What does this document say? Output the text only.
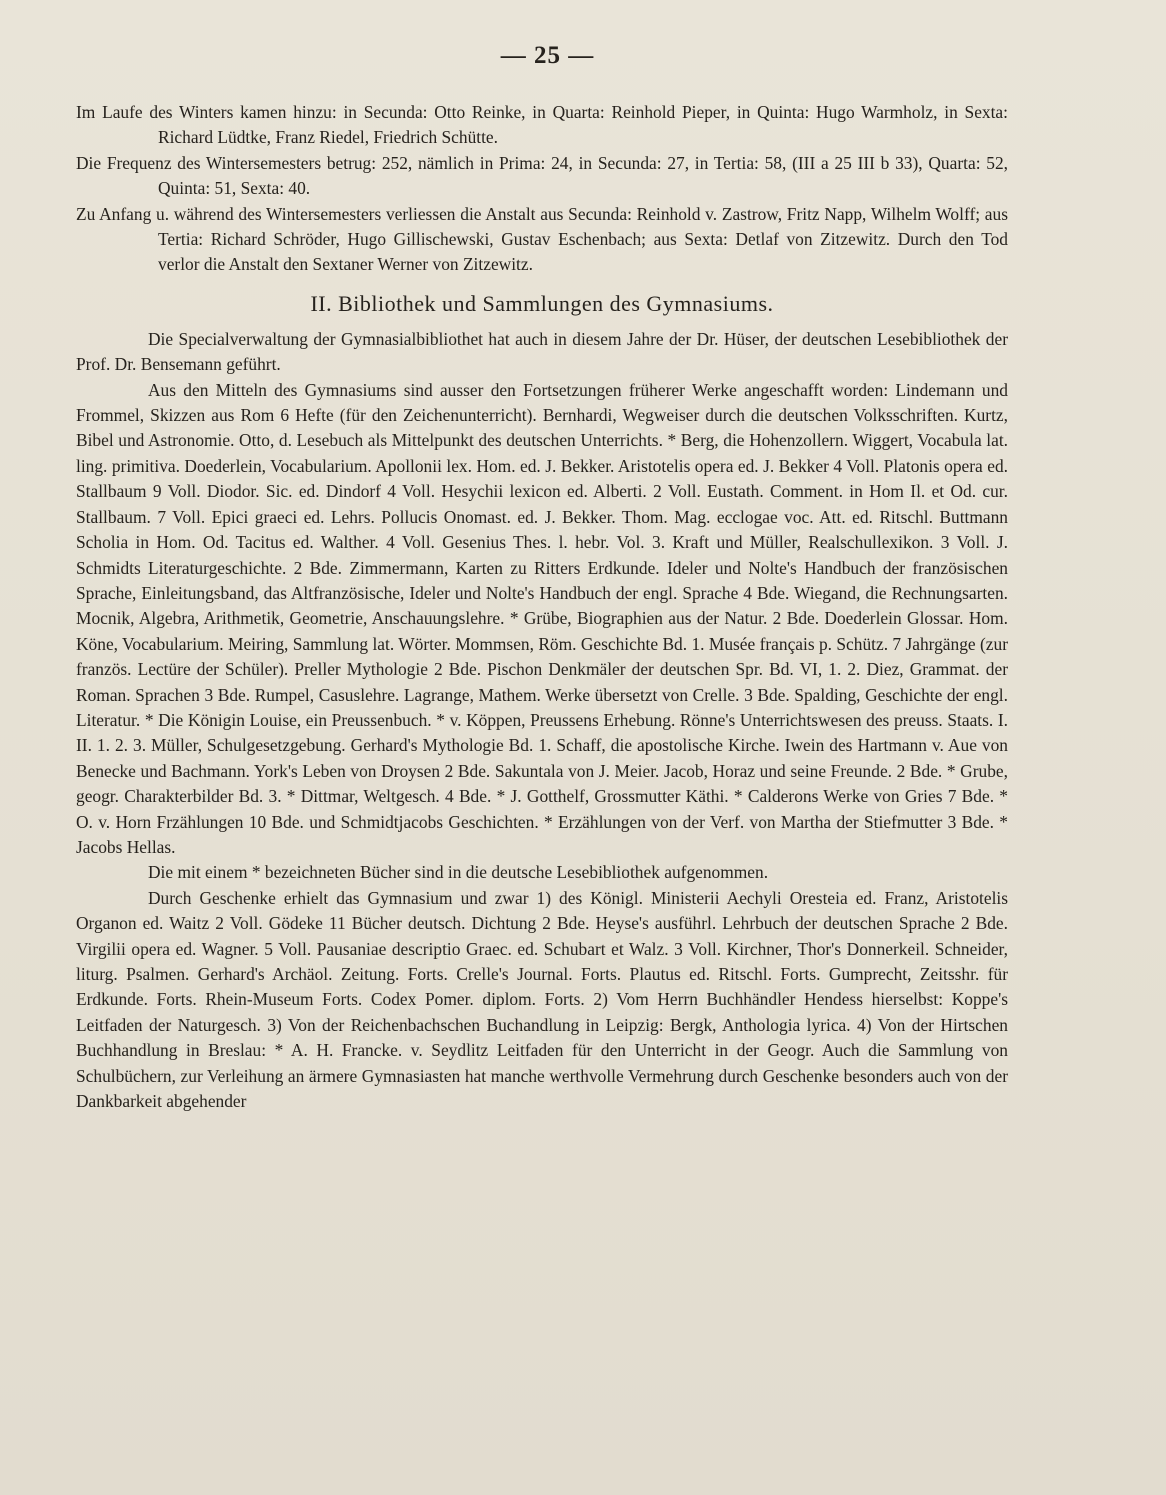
— 25 —

Im Laufe des Winters kamen hinzu: in Secunda: Otto Reinke, in Quarta: Reinhold Pieper, in Quinta: Hugo Warmholz, in Sexta: Richard Lüdtke, Franz Riedel, Friedrich Schütte.

Die Frequenz des Wintersemesters betrug: 252, nämlich in Prima: 24, in Secunda: 27, in Tertia: 58, (III a 25 III b 33), Quarta: 52, Quinta: 51, Sexta: 40.

Zu Anfang u. während des Wintersemesters verliessen die Anstalt aus Secunda: Reinhold v. Zastrow, Fritz Napp, Wilhelm Wolff; aus Tertia: Richard Schröder, Hugo Gillischewski, Gustav Eschenbach; aus Sexta: Detlaf von Zitzewitz. Durch den Tod verlor die Anstalt den Sextaner Werner von Zitzewitz.

II. Bibliothek und Sammlungen des Gymnasiums.

Die Specialverwaltung der Gymnasialbibliothet hat auch in diesem Jahre der Dr. Hüser, der deutschen Lesebibliothek der Prof. Dr. Bensemann geführt.

Aus den Mitteln des Gymnasiums sind ausser den Fortsetzungen früherer Werke angeschafft worden: Lindemann und Frommel, Skizzen aus Rom 6 Hefte (für den Zeichenunterricht). Bernhardi, Wegweiser durch die deutschen Volksschriften. Kurtz, Bibel und Astronomie. Otto, d. Lesebuch als Mittelpunkt des deutschen Unterrichts. * Berg, die Hohenzollern. Wiggert, Vocabula lat. ling. primitiva. Doederlein, Vocabularium. Apollonii lex. Hom. ed. J. Bekker. Aristotelis opera ed. J. Bekker 4 Voll. Platonis opera ed. Stallbaum 9 Voll. Diodor. Sic. ed. Dindorf 4 Voll. Hesychii lexicon ed. Alberti. 2 Voll. Eustath. Comment. in Hom Il. et Od. cur. Stallbaum. 7 Voll. Epici graeci ed. Lehrs. Pollucis Onomast. ed. J. Bekker. Thom. Mag. ecclogae voc. Att. ed. Ritschl. Buttmann Scholia in Hom. Od. Tacitus ed. Walther. 4 Voll. Gesenius Thes. l. hebr. Vol. 3. Kraft und Müller, Realschullexikon. 3 Voll. J. Schmidts Literaturgeschichte. 2 Bde. Zimmermann, Karten zu Ritters Erdkunde. Ideler und Nolte's Handbuch der französischen Sprache, Einleitungsband, das Altfranzösische, Ideler und Nolte's Handbuch der engl. Sprache 4 Bde. Wiegand, die Rechnungsarten. Mocnik, Algebra, Arithmetik, Geometrie, Anschauungslehre. * Grübe, Biographien aus der Natur. 2 Bde. Doederlein Glossar. Hom. Köne, Vocabularium. Meiring, Sammlung lat. Wörter. Mommsen, Röm. Geschichte Bd. 1. Musée français p. Schütz. 7 Jahrgänge (zur französ. Lectüre der Schüler). Preller Mythologie 2 Bde. Pischon Denkmäler der deutschen Spr. Bd. VI, 1. 2. Diez, Grammat. der Roman. Sprachen 3 Bde. Rumpel, Casuslehre. Lagrange, Mathem. Werke übersetzt von Crelle. 3 Bde. Spalding, Geschichte der engl. Literatur. * Die Königin Louise, ein Preussenbuch. * v. Köppen, Preussens Erhebung. Rönne's Unterrichtswesen des preuss. Staats. I. II. 1. 2. 3. Müller, Schulgesetzgebung. Gerhard's Mythologie Bd. 1. Schaff, die apostolische Kirche. Iwein des Hartmann v. Aue von Benecke und Bachmann. York's Leben von Droysen 2 Bde. Sakuntala von J. Meier. Jacob, Horaz und seine Freunde. 2 Bde. * Grube, geogr. Charakterbilder Bd. 3. * Dittmar, Weltgesch. 4 Bde. * J. Gotthelf, Grossmutter Käthi. * Calderons Werke von Gries 7 Bde. * O. v. Horn Frzählungen 10 Bde. und Schmidtjacobs Geschichten. * Erzählungen von der Verf. von Martha der Stiefmutter 3 Bde. * Jacobs Hellas.

Die mit einem * bezeichneten Bücher sind in die deutsche Lesebibliothek aufgenommen.

Durch Geschenke erhielt das Gymnasium und zwar 1) des Königl. Ministerii Aechyli Oresteia ed. Franz, Aristotelis Organon ed. Waitz 2 Voll. Gödeke 11 Bücher deutsch. Dichtung 2 Bde. Heyse's ausführl. Lehrbuch der deutschen Sprache 2 Bde. Virgilii opera ed. Wagner. 5 Voll. Pausaniae descriptio Graec. ed. Schubart et Walz. 3 Voll. Kirchner, Thor's Donnerkeil. Schneider, liturg. Psalmen. Gerhard's Archäol. Zeitung. Forts. Crelle's Journal. Forts. Plautus ed. Ritschl. Forts. Gumprecht, Zeitsshr. für Erdkunde. Forts. Rhein-Museum Forts. Codex Pomer. diplom. Forts. 2) Vom Herrn Buchhändler Hendess hierselbst: Koppe's Leitfaden der Naturgesch. 3) Von der Reichenbachschen Buchandlung in Leipzig: Bergk, Anthologia lyrica. 4) Von der Hirtschen Buchhandlung in Breslau: * A. H. Francke. v. Seydlitz Leitfaden für den Unterricht in der Geogr. Auch die Sammlung von Schulbüchern, zur Verleihung an ärmere Gymnasiasten hat manche werthvolle Vermehrung durch Geschenke besonders auch von der Dankbarkeit abgehender
